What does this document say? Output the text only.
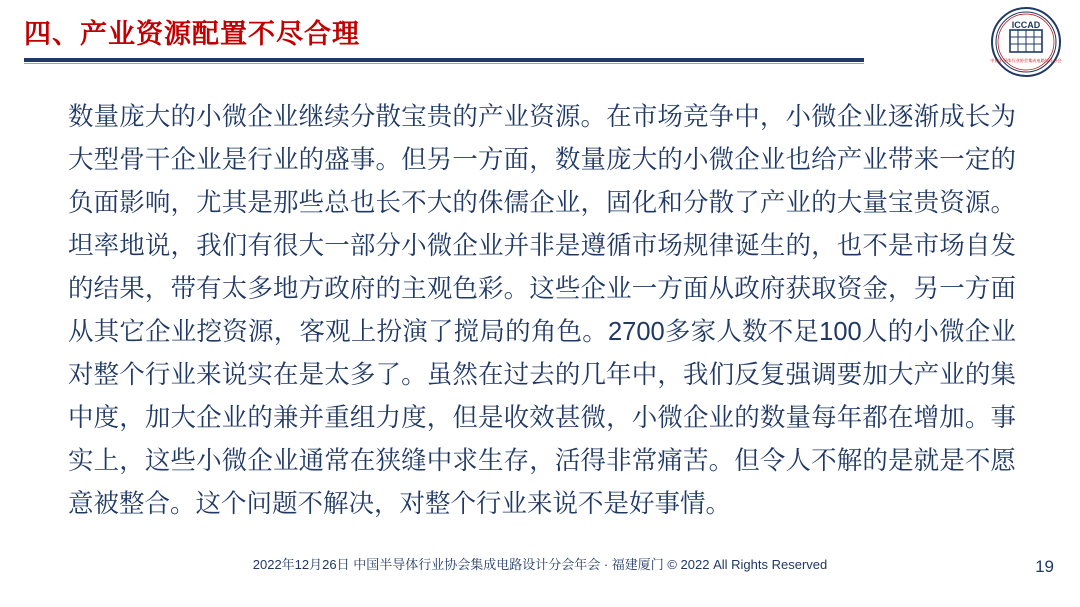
四、产业资源配置不尽合理	ICCAD
中国半导体行业协会集成电路设计分会
数量庞大的小微企业继续分散宝贵的产业资源。在市场竞争中，小微企业逐渐成长为大型骨干企业是行业的盛事。但另一方面，数量庞大的小微企业也给产业带来一定的负面影响，尤其是那些总也长不大的侏儒企业，固化和分散了产业的大量宝贵资源。坦率地说，我们有很大一部分小微企业并非是遵循市场规律诞生的，也不是市场自发的结果，带有太多地方政府的主观色彩。这些企业一方面从政府获取资金，另一方面从其它企业挖资源，客观上扮演了搅局的角色。2700多家人数不足100人的小微企业对整个行业来说实在是太多了。虽然在过去的几年中，我们反复强调要加大产业的集中度，加大企业的兼并重组力度，但是收效甚微，小微企业的数量每年都在增加。事实上，这些小微企业通常在狭缝中求生存，活得非常痛苦。但令人不解的是就是不愿意被整合。这个问题不解决，对整个行业来说不是好事情。
2022年12月26日 中国半导体行业协会集成电路设计分会年会 · 福建厦门 © 2022 All Rights Reserved	19
